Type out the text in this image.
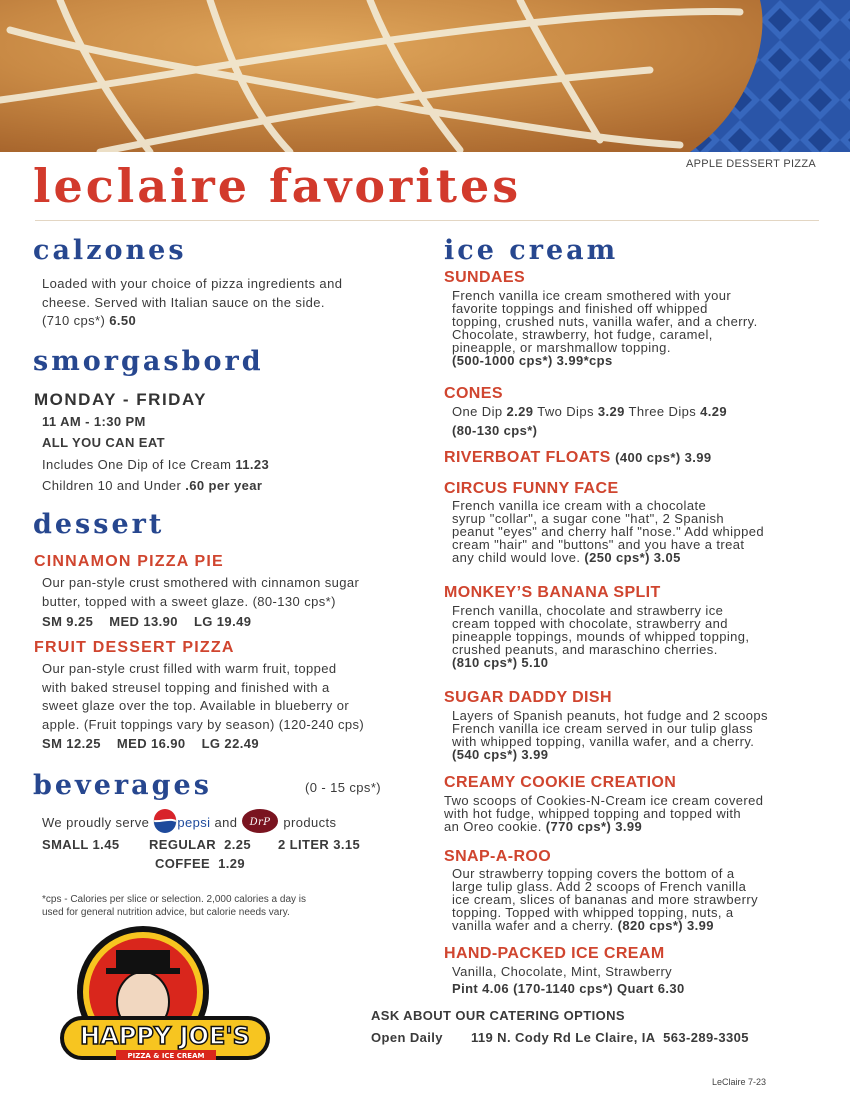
APPLE DESSERT PIZZA
leclaire favorites
calzones
Loaded with your choice of pizza ingredients and
cheese. Served with Italian sauce on the side.
(710 cps*) 6.50
smorgasbord
MONDAY - FRIDAY
11 AM - 1:30 PM
ALL YOU CAN EAT
Includes One Dip of Ice Cream 11.23
Children 10 and Under .60 per year
dessert
CINNAMON PIZZA PIE
Our pan-style crust smothered with cinnamon sugar
butter, topped with a sweet glaze. (80-130 cps*)
SM 9.25    MED 13.90    LG 19.49
FRUIT DESSERT PIZZA
Our pan-style crust filled with warm fruit, topped
with baked streusel topping and finished with a
sweet glaze over the top. Available in blueberry or
apple. (Fruit toppings vary by season) (120-240 cps)
SM 12.25    MED 16.90    LG 22.49
beverages	(0 - 15 cps*)
We proudly serve pepsi and DrP products
SMALL 1.45 REGULAR  2.25 2 LITER 3.15
COFFEE  1.29
*cps - Calories per slice or selection. 2,000 calories a day is
used for general nutrition advice, but calorie needs vary.
HAPPY JOE'S
PIZZA & ICE CREAM
ice cream
SUNDAES
French vanilla ice cream smothered with your
favorite toppings and finished off whipped
topping, crushed nuts, vanilla wafer, and a cherry.
Chocolate, strawberry, hot fudge, caramel,
pineapple, or marshmallow topping.
(500-1000 cps*) 3.99*cps
CONES
One Dip 2.29 Two Dips 3.29 Three Dips 4.29
(80-130 cps*)
RIVERBOAT FLOATS (400 cps*) 3.99
CIRCUS FUNNY FACE
French vanilla ice cream with a chocolate
syrup "collar", a sugar cone "hat", 2 Spanish
peanut "eyes" and cherry half "nose." Add whipped
cream "hair" and "buttons" and you have a treat
any child would love. (250 cps*) 3.05
MONKEY’S BANANA SPLIT
French vanilla, chocolate and strawberry ice
cream topped with chocolate, strawberry and
pineapple toppings, mounds of whipped topping,
crushed peanuts, and maraschino cherries.
(810 cps*) 5.10
SUGAR DADDY DISH
Layers of Spanish peanuts, hot fudge and 2 scoops
French vanilla ice cream served in our tulip glass
with whipped topping, vanilla wafer, and a cherry.
(540 cps*) 3.99
CREAMY COOKIE CREATION
Two scoops of Cookies-N-Cream ice cream covered
with hot fudge, whipped topping and topped with
an Oreo cookie. (770 cps*) 3.99
SNAP-A-ROO
Our strawberry topping covers the bottom of a
large tulip glass. Add 2 scoops of French vanilla
ice cream, slices of bananas and more strawberry
topping. Topped with whipped topping, nuts, a
vanilla wafer and a cherry. (820 cps*) 3.99
HAND-PACKED ICE CREAM
Vanilla, Chocolate, Mint, Strawberry
Pint 4.06 (170-1140 cps*) Quart 6.30
ASK ABOUT OUR CATERING OPTIONS
Open Daily 119 N. Cody Rd Le Claire, IA  563-289-3305
LeClaire 7-23
